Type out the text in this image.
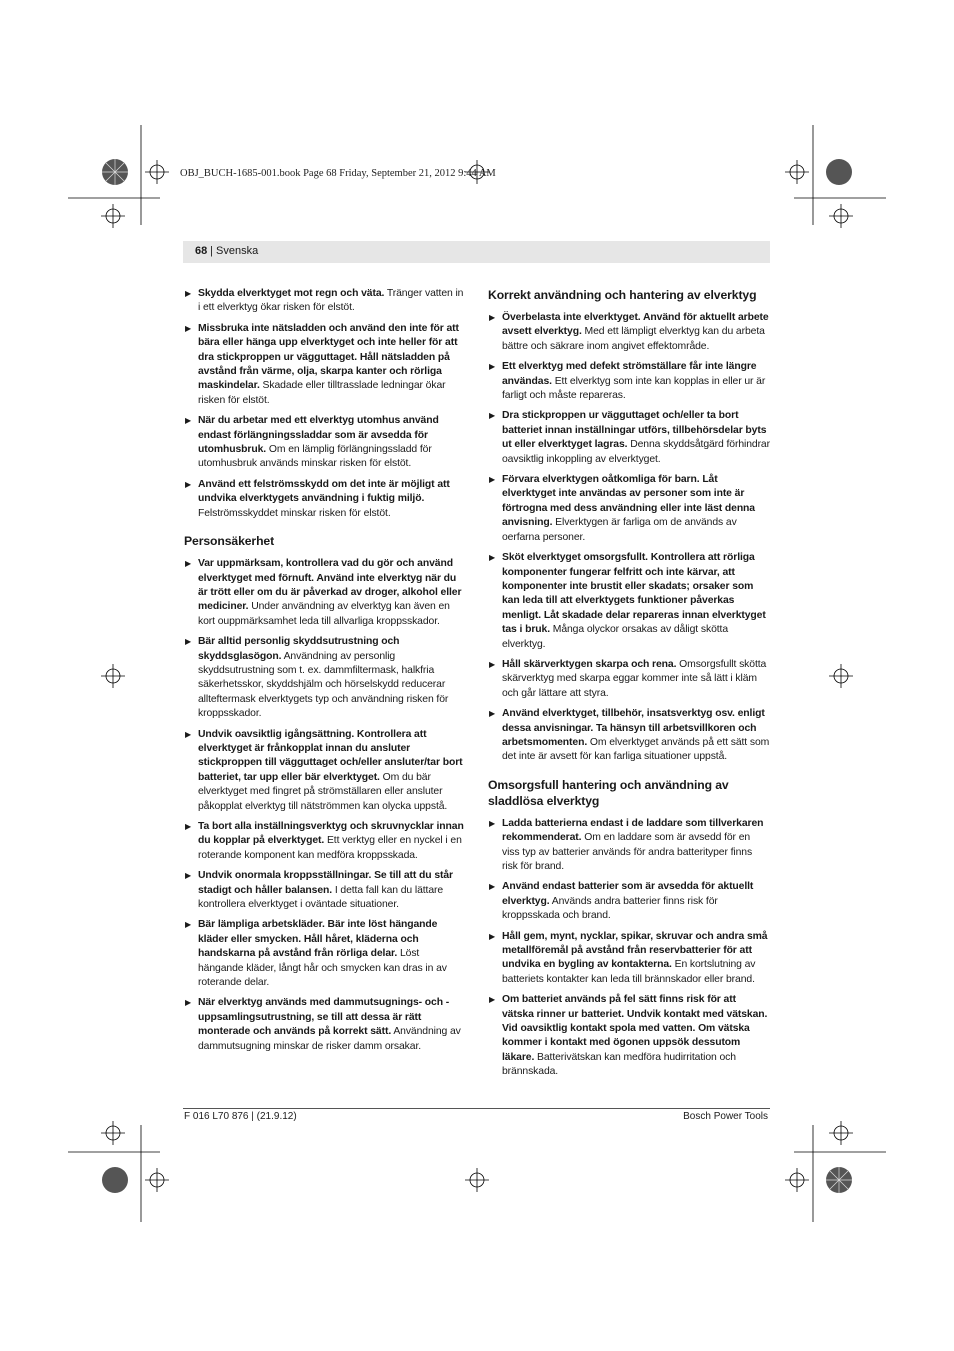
OBJ_BUCH-1685-001.book Page 68 Friday, September 21, 2012 9:44 AM
68 | Svenska
▶ Skydda elverktyget mot regn och väta. Tränger vatten in i ett elverktyg ökar risken för elstöt.
▶ Missbruka inte nätsladden och använd den inte för att bära eller hänga upp elverktyget och inte heller för att dra stickproppen ur vägguttaget. Håll nätsladden på avstånd från värme, olja, skarpa kanter och rörliga maskindelar. Skadade eller tilltrasslade ledningar ökar risken för elstöt.
▶ När du arbetar med ett elverktyg utomhus använd endast förlängningssladdar som är avsedda för utomhusbruk. Om en lämplig förlängningssladd för utomhusbruk används minskar risken för elstöt.
▶ Använd ett felströmsskydd om det inte är möjligt att undvika elverktygets användning i fuktig miljö. Felströmsskyddet minskar risken för elstöt.
Personsäkerhet
▶ Var uppmärksam, kontrollera vad du gör och använd elverktyget med förnuft. Använd inte elverktyg när du är trött eller om du är påverkad av droger, alkohol eller mediciner. Under användning av elverktyg kan även en kort ouppmärksamhet leda till allvarliga kroppsskador.
▶ Bär alltid personlig skyddsutrustning och skyddsglasögon. Användning av personlig skyddsutrustning som t. ex. dammfiltermask, halkfria säkerhetsskor, skyddshjälm och hörselskydd reducerar allteftermask elverktygets typ och användning risken för kroppsskador.
▶ Undvik oavsiktlig igångsättning. Kontrollera att elverktyget är frånkopplat innan du ansluter stickproppen till vägguttaget och/eller ansluter/tar bort batteriet, tar upp eller bär elverktyget. Om du bär elverktyget med fingret på strömställaren eller ansluter påkopplat elverktyg till nätströmmen kan olycka uppstå.
▶ Ta bort alla inställningsverktyg och skruvnycklar innan du kopplar på elverktyget. Ett verktyg eller en nyckel i en roterande komponent kan medföra kroppsskada.
▶ Undvik onormala kroppsställningar. Se till att du står stadigt och håller balansen. I detta fall kan du lättare kontrollera elverktyget i oväntade situationer.
▶ Bär lämpliga arbetskläder. Bär inte löst hängande kläder eller smycken. Håll håret, kläderna och handskarna på avstånd från rörliga delar. Löst hängande kläder, långt hår och smycken kan dras in av roterande delar.
▶ När elverktyg används med dammutsugnings- och -uppsamlingsutrustning, se till att dessa är rätt monterade och används på korrekt sätt. Användning av dammutsugning minskar de risker damm orsakar.
Korrekt användning och hantering av elverktyg
▶ Överbelasta inte elverktyget. Använd för aktuellt arbete avsett elverktyg. Med ett lämpligt elverktyg kan du arbeta bättre och säkrare inom angivet effektområde.
▶ Ett elverktyg med defekt strömställare får inte längre användas. Ett elverktyg som inte kan kopplas in eller ur är farligt och måste repareras.
▶ Dra stickproppen ur vägguttaget och/eller ta bort batteriet innan inställningar utförs, tillbehörsdelar byts ut eller elverktyget lagras. Denna skyddsåtgärd förhindrar oavsiktlig inkoppling av elverktyget.
▶ Förvara elverktygen oåtkomliga för barn. Låt elverktyget inte användas av personer som inte är förtrogna med dess användning eller inte läst denna anvisning. Elverktygen är farliga om de används av oerfarna personer.
▶ Sköt elverktyget omsorgsfullt. Kontrollera att rörliga komponenter fungerar felfritt och inte kärvar, att komponenter inte brustit eller skadats; orsaker som kan leda till att elverktygets funktioner påverkas menligt. Låt skadade delar repareras innan elverktyget tas i bruk. Många olyckor orsakas av dåligt skötta elverktyg.
▶ Håll skärverktygen skarpa och rena. Omsorgsfullt skötta skärverktyg med skarpa eggar kommer inte så lätt i kläm och går lättare att styra.
▶ Använd elverktyget, tillbehör, insatsverktyg osv. enligt dessa anvisningar. Ta hänsyn till arbetsvillkoren och arbetsmomenten. Om elverktyget används på ett sätt som det inte är avsett för kan farliga situationer uppstå.
Omsorgsfull hantering och användning av sladdlösa elverktyg
▶ Ladda batterierna endast i de laddare som tillverkaren rekommenderat. Om en laddare som är avsedd för en viss typ av batterier används för andra batterityper finns risk för brand.
▶ Använd endast batterier som är avsedda för aktuellt elverktyg. Används andra batterier finns risk för kroppsskada och brand.
▶ Håll gem, mynt, nycklar, spikar, skruvar och andra små metallföremål på avstånd från reservbatterier för att undvika en bygling av kontakterna. En kortslutning av batteriets kontakter kan leda till brännskador eller brand.
▶ Om batteriet används på fel sätt finns risk för att vätska rinner ur batteriet. Undvik kontakt med vätskan. Vid oavsiktlig kontakt spola med vatten. Om vätska kommer i kontakt med ögonen uppsök dessutom läkare. Batterivätskan kan medföra hudirritation och brännskada.
F 016 L70 876 | (21.9.12)	Bosch Power Tools
